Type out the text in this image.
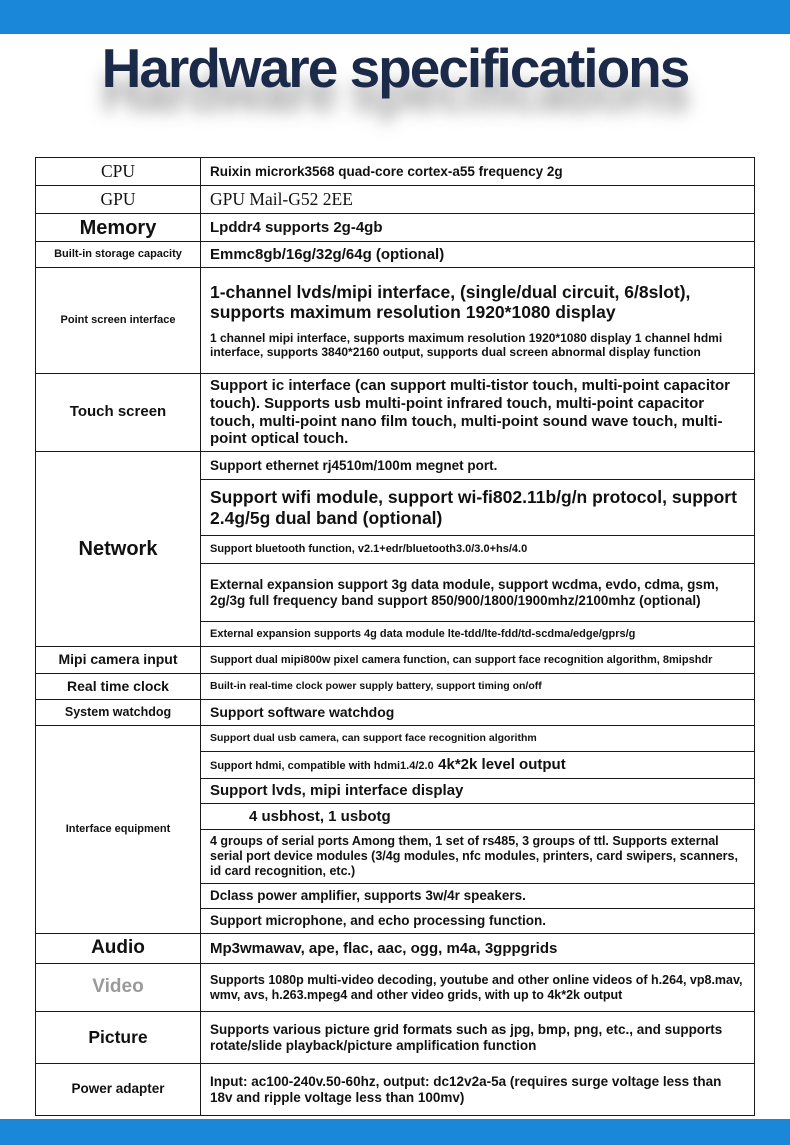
Hardware specifications
CPU	Ruixin micrork3568 quad-core cortex-a55 frequency 2g
GPU	GPU Mail-G52 2EE
Memory	Lpddr4 supports 2g-4gb
Built-in storage capacity	Emmc8gb/16g/32g/64g (optional)
Point screen interface	1-channel lvds/mipi interface, (single/dual circuit, 6/8slot), supports maximum resolution 1920*1080 display
1 channel mipi interface, supports maximum resolution 1920*1080 display 1 channel hdmi interface, supports 3840*2160 output, supports dual screen abnormal display function

Touch screen	Support ic interface (can support multi-tistor touch, multi-point capacitor touch). Supports usb multi-point infrared touch, multi-point capacitor touch, multi-point nano film touch, multi-point sound wave touch, multi-point optical touch.
Network	Support ethernet rj4510m/100m megnet port.
	Support wifi module, support wi-fi802.11b/g/n protocol, support 2.4g/5g dual band (optional)
	Support bluetooth function, v2.1+edr/bluetooth3.0/3.0+hs/4.0
	External expansion support 3g data module, support wcdma, evdo, cdma, gsm, 2g/3g full frequency band support 850/900/1800/1900mhz/2100mhz (optional)
	External expansion supports 4g data module lte-tdd/lte-fdd/td-scdma/edge/gprs/g
Mipi camera input	Support dual mipi800w pixel camera function, can support face recognition algorithm, 8mipshdr
Real time clock	Built-in real-time clock power supply battery, support timing on/off
System watchdog	Support software watchdog
Interface equipment	Support dual usb camera, can support face recognition algorithm
	Support hdmi, compatible with hdmi1.4/2.0 4k*2k level output
	Support lvds, mipi interface display
	4 usbhost, 1 usbotg
	4 groups of serial ports Among them, 1 set of rs485, 3 groups of ttl. Supports external serial port device modules (3/4g modules, nfc modules, printers, card swipers, scanners, id card recognition, etc.)
	Dclass power amplifier, supports 3w/4r speakers.
	Support microphone, and echo processing function.
Audio	Mp3wmawav, ape, flac, aac, ogg, m4a, 3gppgrids
Video	Supports 1080p multi-video decoding, youtube and other online videos of h.264, vp8.mav, wmv, avs, h.263.mpeg4 and other video grids, with up to 4k*2k output
Picture	Supports various picture grid formats such as jpg, bmp, png, etc., and supports rotate/slide playback/picture amplification function
Power adapter	Input: ac100-240v.50-60hz, output: dc12v2a-5a (requires surge voltage less than 18v and ripple voltage less than 100mv)
